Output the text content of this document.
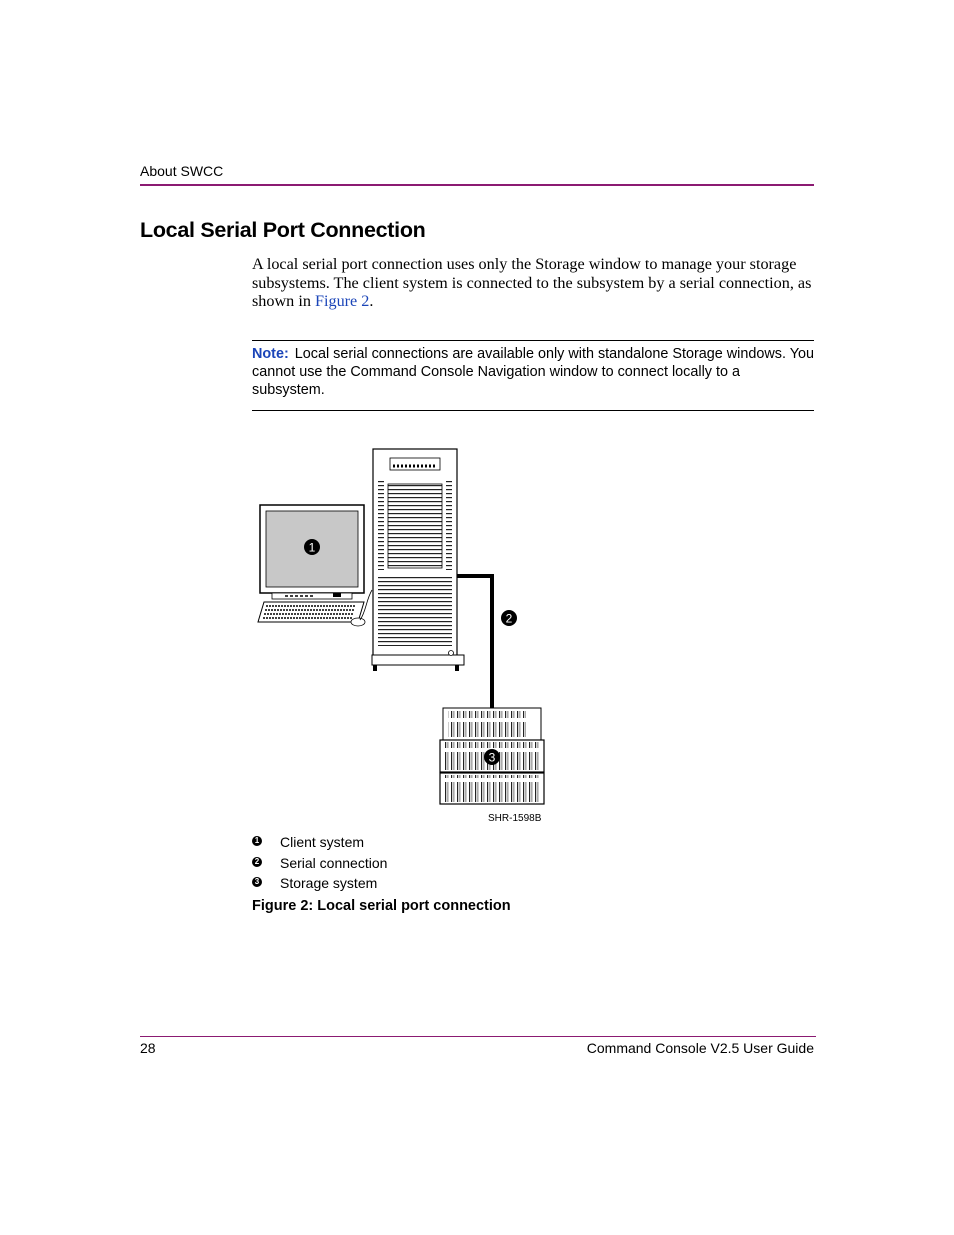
About SWCC
Local Serial Port Connection
A local serial port connection uses only the Storage window to manage your storage subsystems. The client system is connected to the subsystem by a serial connection, as shown in Figure 2.
Note: Local serial connections are available only with standalone Storage windows. You cannot use the Command Console Navigation window to connect locally to a subsystem.
1
2
3
SHR-1598B
1 Client system
2 Serial connection
3 Storage system
Figure 2: Local serial port connection
28	Command Console V2.5 User Guide
